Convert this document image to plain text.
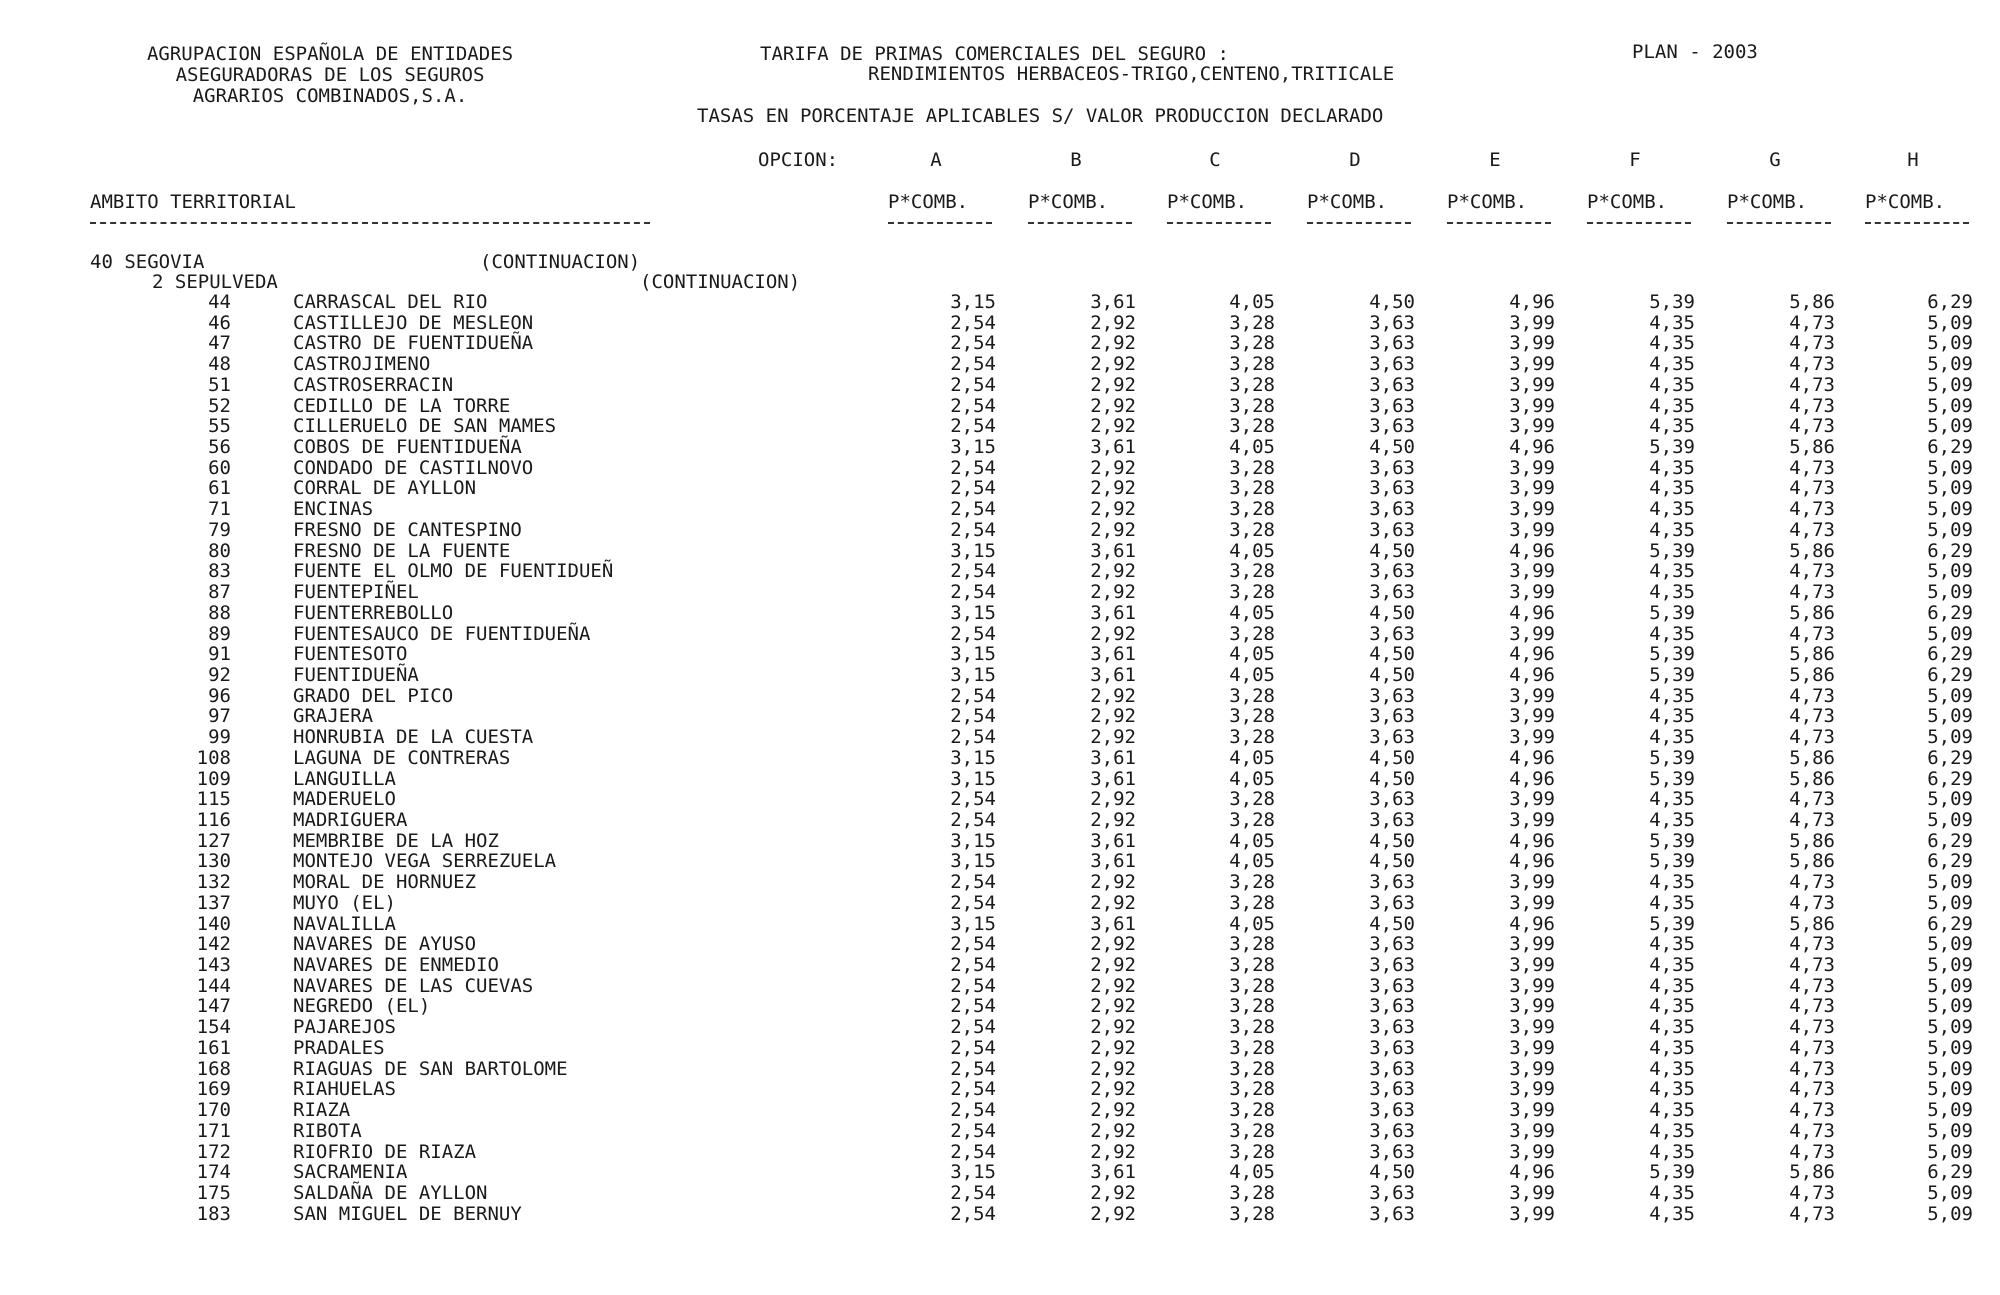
AGRUPACION ESPAÑOLA DE ENTIDADES
ASEGURADORAS DE LOS SEGUROS
AGRARIOS COMBINADOS,S.A.
TARIFA DE PRIMAS COMERCIALES DEL SEGURO :
RENDIMIENTOS HERBACEOS-TRIGO,CENTENO,TRITICALE
PLAN - 2003
TASAS EN PORCENTAJE APLICABLES S/ VALOR PRODUCCION DECLARADO
OPCION:	A	B	C	D	E	F	G	H
AMBITO TERRITORIAL	P*COMB.	P*COMB.	P*COMB.	P*COMB.	P*COMB.	P*COMB.	P*COMB.	P*COMB.
40 SEGOVIA	(CONTINUACION)
2 SEPULVEDA	(CONTINUACION)
44	CARRASCAL DEL RIO	3,15	3,61	4,05	4,50	4,96	5,39	5,86	6,29
46	CASTILLEJO DE MESLEON	2,54	2,92	3,28	3,63	3,99	4,35	4,73	5,09
47	CASTRO DE FUENTIDUEÑA	2,54	2,92	3,28	3,63	3,99	4,35	4,73	5,09
48	CASTROJIMENO	2,54	2,92	3,28	3,63	3,99	4,35	4,73	5,09
51	CASTROSERRACIN	2,54	2,92	3,28	3,63	3,99	4,35	4,73	5,09
52	CEDILLO DE LA TORRE	2,54	2,92	3,28	3,63	3,99	4,35	4,73	5,09
55	CILLERUELO DE SAN MAMES	2,54	2,92	3,28	3,63	3,99	4,35	4,73	5,09
56	COBOS DE FUENTIDUEÑA	3,15	3,61	4,05	4,50	4,96	5,39	5,86	6,29
60	CONDADO DE CASTILNOVO	2,54	2,92	3,28	3,63	3,99	4,35	4,73	5,09
61	CORRAL DE AYLLON	2,54	2,92	3,28	3,63	3,99	4,35	4,73	5,09
71	ENCINAS	2,54	2,92	3,28	3,63	3,99	4,35	4,73	5,09
79	FRESNO DE CANTESPINO	2,54	2,92	3,28	3,63	3,99	4,35	4,73	5,09
80	FRESNO DE LA FUENTE	3,15	3,61	4,05	4,50	4,96	5,39	5,86	6,29
83	FUENTE EL OLMO DE FUENTIDUEÑ	2,54	2,92	3,28	3,63	3,99	4,35	4,73	5,09
87	FUENTEPIÑEL	2,54	2,92	3,28	3,63	3,99	4,35	4,73	5,09
88	FUENTERREBOLLO	3,15	3,61	4,05	4,50	4,96	5,39	5,86	6,29
89	FUENTESAUCO DE FUENTIDUEÑA	2,54	2,92	3,28	3,63	3,99	4,35	4,73	5,09
91	FUENTESOTO	3,15	3,61	4,05	4,50	4,96	5,39	5,86	6,29
92	FUENTIDUEÑA	3,15	3,61	4,05	4,50	4,96	5,39	5,86	6,29
96	GRADO DEL PICO	2,54	2,92	3,28	3,63	3,99	4,35	4,73	5,09
97	GRAJERA	2,54	2,92	3,28	3,63	3,99	4,35	4,73	5,09
99	HONRUBIA DE LA CUESTA	2,54	2,92	3,28	3,63	3,99	4,35	4,73	5,09
108	LAGUNA DE CONTRERAS	3,15	3,61	4,05	4,50	4,96	5,39	5,86	6,29
109	LANGUILLA	3,15	3,61	4,05	4,50	4,96	5,39	5,86	6,29
115	MADERUELO	2,54	2,92	3,28	3,63	3,99	4,35	4,73	5,09
116	MADRIGUERA	2,54	2,92	3,28	3,63	3,99	4,35	4,73	5,09
127	MEMBRIBE DE LA HOZ	3,15	3,61	4,05	4,50	4,96	5,39	5,86	6,29
130	MONTEJO VEGA SERREZUELA	3,15	3,61	4,05	4,50	4,96	5,39	5,86	6,29
132	MORAL DE HORNUEZ	2,54	2,92	3,28	3,63	3,99	4,35	4,73	5,09
137	MUYO (EL)	2,54	2,92	3,28	3,63	3,99	4,35	4,73	5,09
140	NAVALILLA	3,15	3,61	4,05	4,50	4,96	5,39	5,86	6,29
142	NAVARES DE AYUSO	2,54	2,92	3,28	3,63	3,99	4,35	4,73	5,09
143	NAVARES DE ENMEDIO	2,54	2,92	3,28	3,63	3,99	4,35	4,73	5,09
144	NAVARES DE LAS CUEVAS	2,54	2,92	3,28	3,63	3,99	4,35	4,73	5,09
147	NEGREDO (EL)	2,54	2,92	3,28	3,63	3,99	4,35	4,73	5,09
154	PAJAREJOS	2,54	2,92	3,28	3,63	3,99	4,35	4,73	5,09
161	PRADALES	2,54	2,92	3,28	3,63	3,99	4,35	4,73	5,09
168	RIAGUAS DE SAN BARTOLOME	2,54	2,92	3,28	3,63	3,99	4,35	4,73	5,09
169	RIAHUELAS	2,54	2,92	3,28	3,63	3,99	4,35	4,73	5,09
170	RIAZA	2,54	2,92	3,28	3,63	3,99	4,35	4,73	5,09
171	RIBOTA	2,54	2,92	3,28	3,63	3,99	4,35	4,73	5,09
172	RIOFRIO DE RIAZA	2,54	2,92	3,28	3,63	3,99	4,35	4,73	5,09
174	SACRAMENIA	3,15	3,61	4,05	4,50	4,96	5,39	5,86	6,29
175	SALDAÑA DE AYLLON	2,54	2,92	3,28	3,63	3,99	4,35	4,73	5,09
183	SAN MIGUEL DE BERNUY	2,54	2,92	3,28	3,63	3,99	4,35	4,73	5,09
